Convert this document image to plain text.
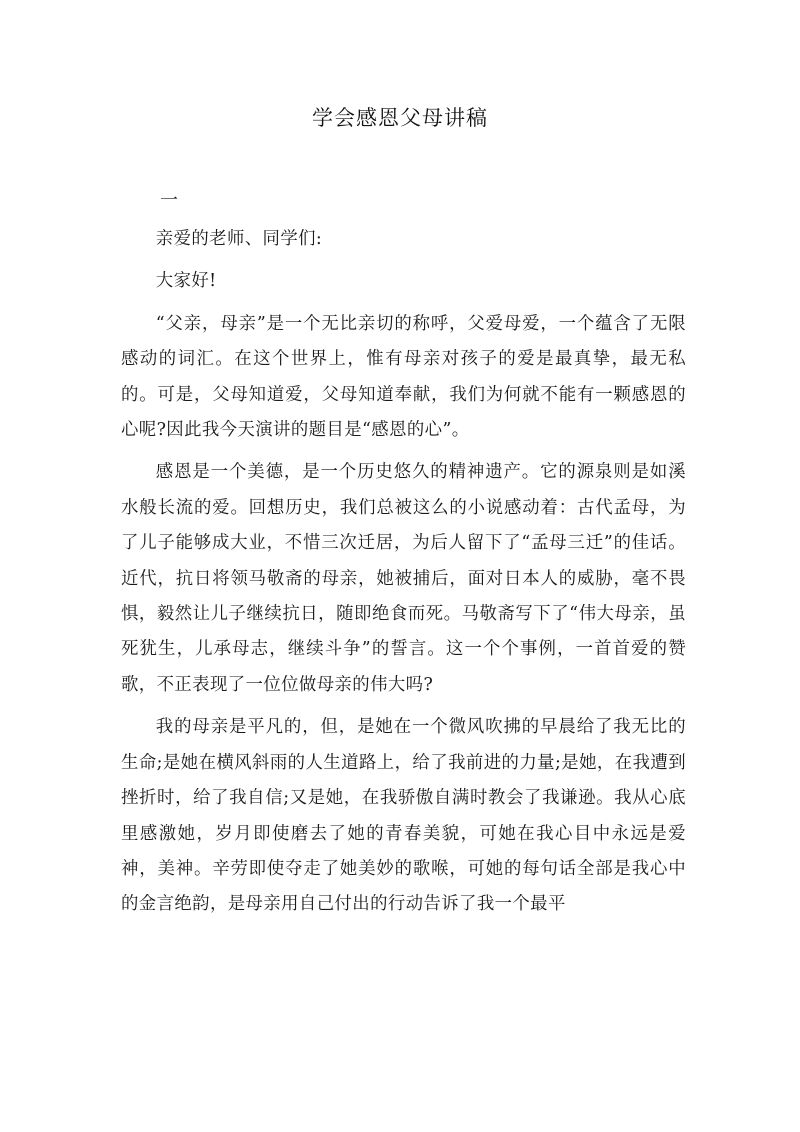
学会感恩父母讲稿
一

亲爱的老师、同学们:

大家好!

“父亲，母亲”是一个无比亲切的称呼，父爱母爱，一个蕴含了无限感动的词汇。在这个世界上，惟有母亲对孩子的爱是最真挚，最无私的。可是，父母知道爱，父母知道奉献，我们为何就不能有一颗感恩的心呢?因此我今天演讲的题目是“感恩的心”。

感恩是一个美德，是一个历史悠久的精神遗产。它的源泉则是如溪水般长流的爱。回想历史，我们总被这么的小说感动着：古代孟母，为了儿子能够成大业，不惜三次迁居，为后人留下了“孟母三迁”的佳话。近代，抗日将领马敬斋的母亲，她被捕后，面对日本人的威胁，毫不畏惧，毅然让儿子继续抗日，随即绝食而死。马敬斋写下了“伟大母亲，虽死犹生，儿承母志，继续斗争”的誓言。这一个个事例，一首首爱的赞歌，不正表现了一位位做母亲的伟大吗?

我的母亲是平凡的，但，是她在一个微风吹拂的早晨给了我无比的生命;是她在横风斜雨的人生道路上，给了我前进的力量;是她，在我遭到挫折时，给了我自信;又是她，在我骄傲自满时教会了我谦逊。我从心底里感激她，岁月即使磨去了她的青春美貌，可她在我心目中永远是爱神，美神。辛劳即使夺走了她美妙的歌喉，可她的每句话全部是我心中的金言绝韵，是母亲用自己付出的行动告诉了我一个最平
